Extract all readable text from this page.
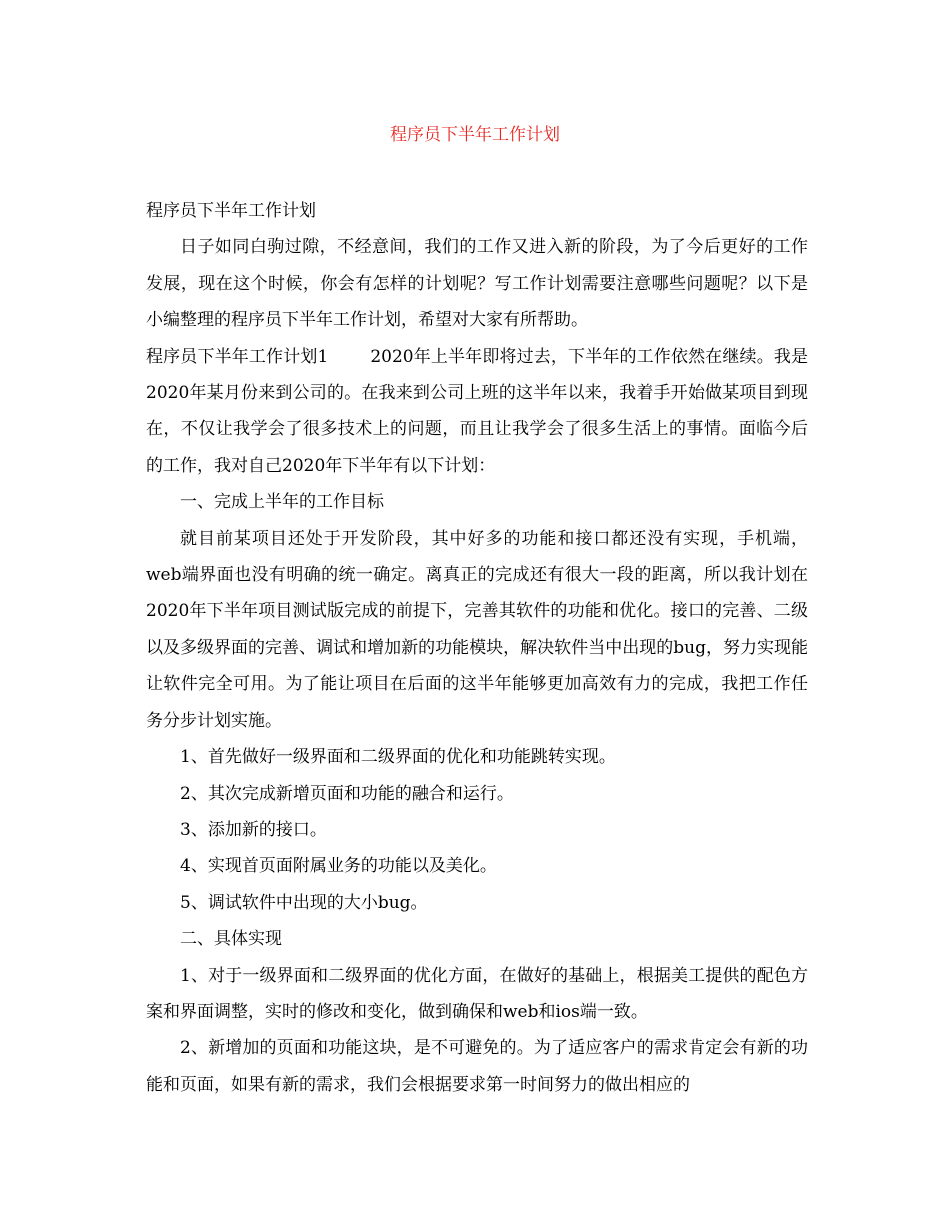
程序员下半年工作计划

程序员下半年工作计划

日子如同白驹过隙，不经意间，我们的工作又进入新的阶段，为了今后更好的工作发展，现在这个时候，你会有怎样的计划呢？写工作计划需要注意哪些问题呢？以下是小编整理的程序员下半年工作计划，希望对大家有所帮助。

程序员下半年工作计划1 2020年上半年即将过去，下半年的工作依然在继续。我是2020年某月份来到公司的。在我来到公司上班的这半年以来，我着手开始做某项目到现在，不仅让我学会了很多技术上的问题，而且让我学会了很多生活上的事情。面临今后的工作，我对自己2020年下半年有以下计划：

一、完成上半年的工作目标

就目前某项目还处于开发阶段，其中好多的功能和接口都还没有实现，手机端，web端界面也没有明确的统一确定。离真正的完成还有很大一段的距离，所以我计划在2020年下半年项目测试版完成的前提下，完善其软件的功能和优化。接口的完善、二级以及多级界面的完善、调试和增加新的功能模块，解决软件当中出现的bug，努力实现能让软件完全可用。为了能让项目在后面的这半年能够更加高效有力的完成，我把工作任务分步计划实施。

1、首先做好一级界面和二级界面的优化和功能跳转实现。

2、其次完成新增页面和功能的融合和运行。

3、添加新的接口。

4、实现首页面附属业务的功能以及美化。

5、调试软件中出现的大小bug。

二、具体实现

1、对于一级界面和二级界面的优化方面，在做好的基础上，根据美工提供的配色方案和界面调整，实时的修改和变化，做到确保和web和ios端一致。

2、新增加的页面和功能这块，是不可避免的。为了适应客户的需求肯定会有新的功能和页面，如果有新的需求，我们会根据要求第一时间努力的做出相应的
